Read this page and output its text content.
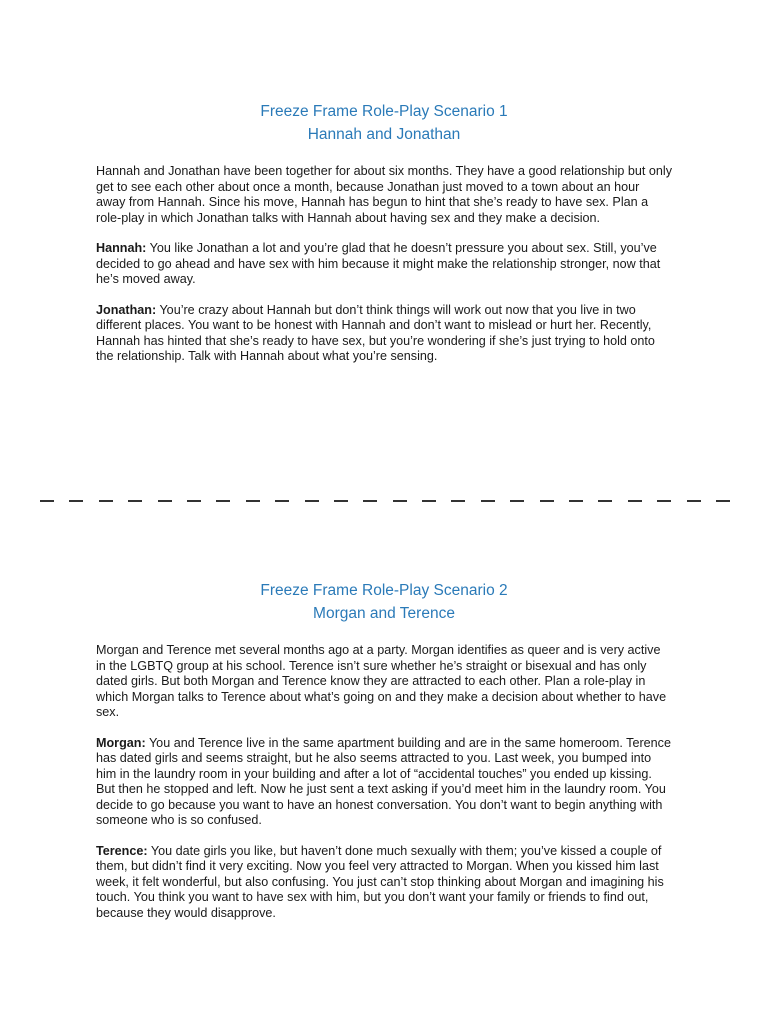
Freeze Frame Role-Play Scenario 1
Hannah and Jonathan

Hannah and Jonathan have been together for about six months. They have a good relationship but only get to see each other about once a month, because Jonathan just moved to a town about an hour away from Hannah. Since his move, Hannah has begun to hint that she’s ready to have sex. Plan a role-play in which Jonathan talks with Hannah about having sex and they make a decision.

Hannah: You like Jonathan a lot and you’re glad that he doesn’t pressure you about sex. Still, you’ve decided to go ahead and have sex with him because it might make the relationship stronger, now that he’s moved away.

Jonathan: You’re crazy about Hannah but don’t think things will work out now that you live in two different places. You want to be honest with Hannah and don’t want to mislead or hurt her. Recently, Hannah has hinted that she’s ready to have sex, but you’re wondering if she’s just trying to hold onto the relationship. Talk with Hannah about what you’re sensing.

Freeze Frame Role-Play Scenario 2
Morgan and Terence

Morgan and Terence met several months ago at a party. Morgan identifies as queer and is very active in the LGBTQ group at his school. Terence isn’t sure whether he’s straight or bisexual and has only dated girls. But both Morgan and Terence know they are attracted to each other. Plan a role-play in which Morgan talks to Terence about what’s going on and they make a decision about whether to have sex.

Morgan: You and Terence live in the same apartment building and are in the same homeroom. Terence has dated girls and seems straight, but he also seems attracted to you. Last week, you bumped into him in the laundry room in your building and after a lot of “accidental touches” you ended up kissing. But then he stopped and left. Now he just sent a text asking if you’d meet him in the laundry room. You decide to go because you want to have an honest conversation. You don’t want to begin anything with someone who is so confused.

Terence: You date girls you like, but haven’t done much sexually with them; you’ve kissed a couple of them, but didn’t find it very exciting. Now you feel very attracted to Morgan. When you kissed him last week, it felt wonderful, but also confusing. You just can’t stop thinking about Morgan and imagining his touch. You think you want to have sex with him, but you don’t want your family or friends to find out, because they would disapprove.
